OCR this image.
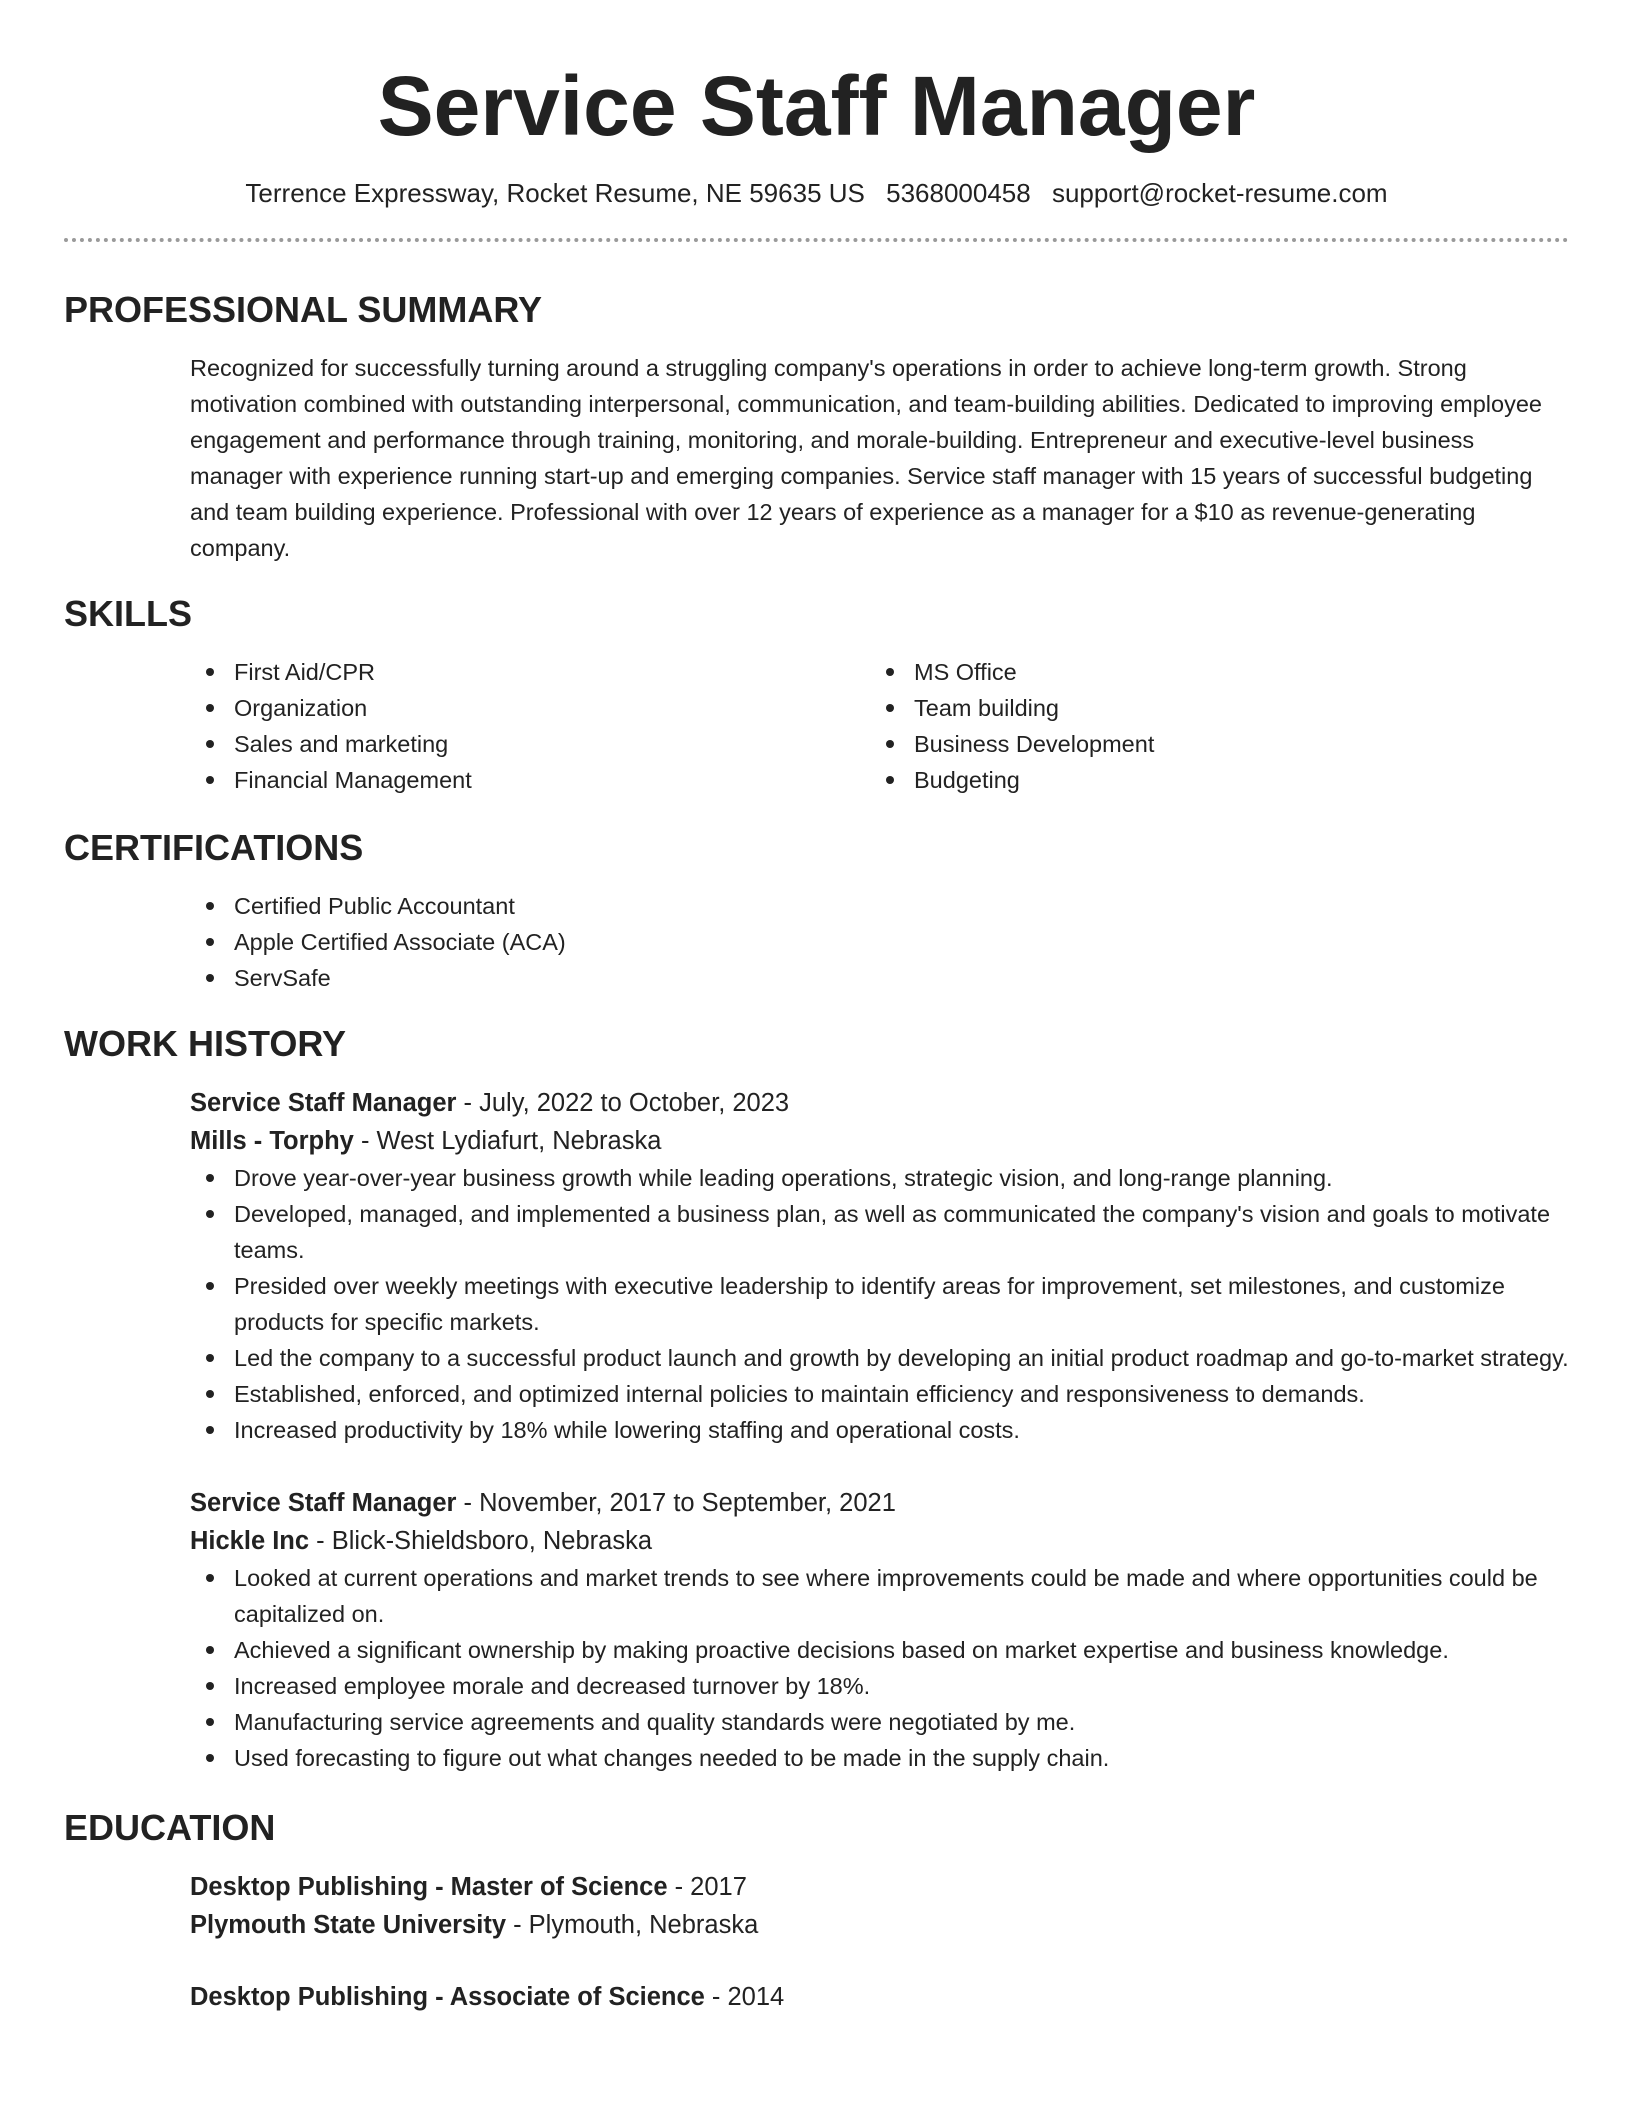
Service Staff Manager
Terrence Expressway, Rocket Resume, NE 59635 US 5368000458 support@rocket-resume.com
PROFESSIONAL SUMMARY
Recognized for successfully turning around a struggling company's operations in order to achieve long-term growth. Strong motivation combined with outstanding interpersonal, communication, and team-building abilities. Dedicated to improving employee engagement and performance through training, monitoring, and morale-building. Entrepreneur and executive-level business manager with experience running start-up and emerging companies. Service staff manager with 15 years of successful budgeting and team building experience. Professional with over 12 years of experience as a manager for a $10 as revenue-generating company.
SKILLS
First Aid/CPR
Organization
Sales and marketing
Financial Management
MS Office
Team building
Business Development
Budgeting
CERTIFICATIONS
Certified Public Accountant
Apple Certified Associate (ACA)
ServSafe
WORK HISTORY
Service Staff Manager - July, 2022 to October, 2023
Mills - Torphy - West Lydiafurt, Nebraska
Drove year-over-year business growth while leading operations, strategic vision, and long-range planning.
Developed, managed, and implemented a business plan, as well as communicated the company's vision and goals to motivate teams.
Presided over weekly meetings with executive leadership to identify areas for improvement, set milestones, and customize products for specific markets.
Led the company to a successful product launch and growth by developing an initial product roadmap and go-to-market strategy.
Established, enforced, and optimized internal policies to maintain efficiency and responsiveness to demands.
Increased productivity by 18% while lowering staffing and operational costs.
Service Staff Manager - November, 2017 to September, 2021
Hickle Inc - Blick-Shieldsboro, Nebraska
Looked at current operations and market trends to see where improvements could be made and where opportunities could be capitalized on.
Achieved a significant ownership by making proactive decisions based on market expertise and business knowledge.
Increased employee morale and decreased turnover by 18%.
Manufacturing service agreements and quality standards were negotiated by me.
Used forecasting to figure out what changes needed to be made in the supply chain.
EDUCATION
Desktop Publishing - Master of Science - 2017
Plymouth State University - Plymouth, Nebraska
Desktop Publishing - Associate of Science - 2014
